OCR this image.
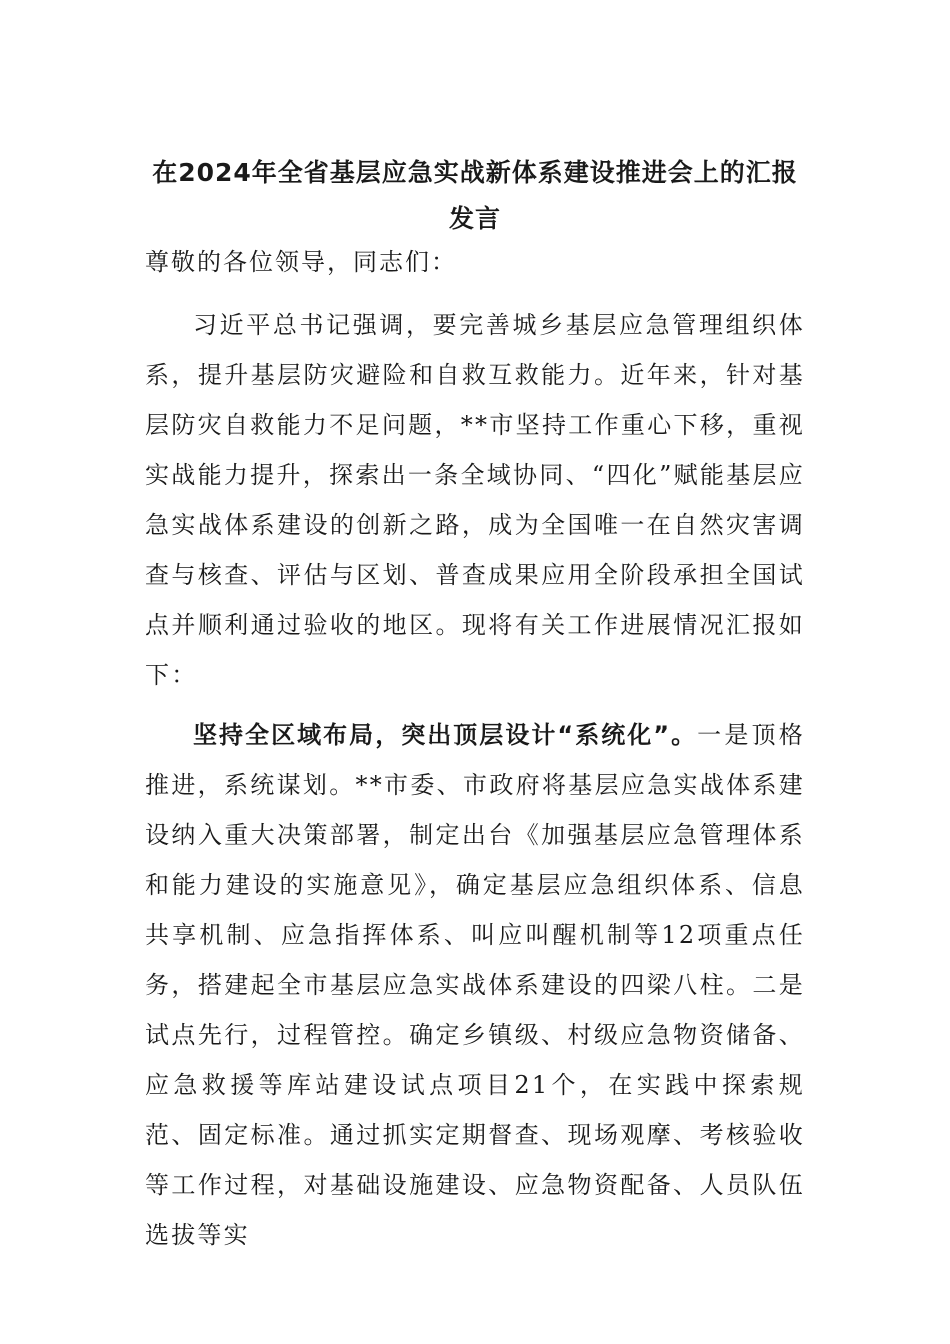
在2024年全省基层应急实战新体系建设推进会上的汇报发言

尊敬的各位领导，同志们：

习近平总书记强调，要完善城乡基层应急管理组织体系，提升基层防灾避险和自救互救能力。近年来，针对基层防灾自救能力不足问题，**市坚持工作重心下移，重视实战能力提升，探索出一条全域协同、“四化”赋能基层应急实战体系建设的创新之路，成为全国唯一在自然灾害调查与核查、评估与区划、普查成果应用全阶段承担全国试点并顺利通过验收的地区。现将有关工作进展情况汇报如下：

坚持全区域布局，突出顶层设计“系统化”。一是顶格推进，系统谋划。**市委、市政府将基层应急实战体系建设纳入重大决策部署，制定出台《加强基层应急管理体系和能力建设的实施意见》，确定基层应急组织体系、信息共享机制、应急指挥体系、叫应叫醒机制等12项重点任务，搭建起全市基层应急实战体系建设的四梁八柱。二是试点先行，过程管控。确定乡镇级、村级应急物资储备、应急救援等库站建设试点项目21个，在实践中探索规范、固定标准。通过抓实定期督查、现场观摩、考核验收等工作过程，对基础设施建设、应急物资配备、人员队伍选拔等实
